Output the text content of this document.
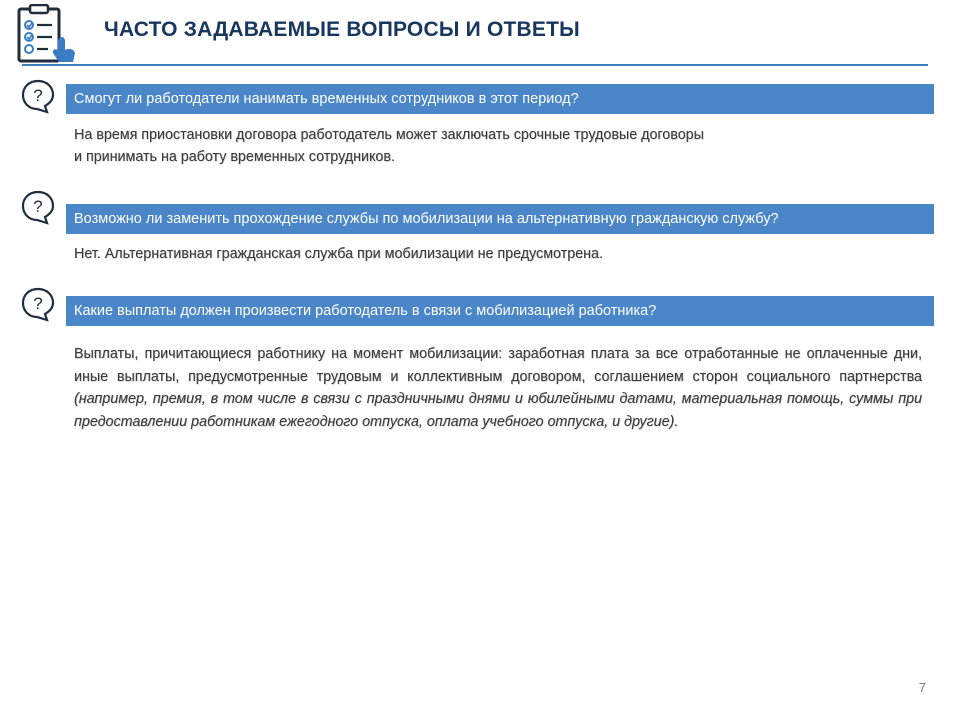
ЧАСТО ЗАДАВАЕМЫЕ ВОПРОСЫ И ОТВЕТЫ
?	Смогут ли работодатели нанимать временных сотрудников в этот период?

На время приостановки договора работодатель может заключать срочные трудовые договоры

и принимать на работу временных сотрудников.

?
Возможно ли заменить прохождение службы по мобилизации на альтернативную гражданскую службу?

Нет. Альтернативная гражданская служба при мобилизации не предусмотрена.

?	Какие выплаты должен произвести работодатель в связи с мобилизацией работника?

Выплаты, причитающиеся работнику на момент мобилизации: заработная плата за все отработанные не оплаченные дни, иные выплаты, предусмотренные трудовым и коллективным договором, соглашением сторон социального партнерства (например, премия, в том числе в связи с праздничными днями и юбилейными датами, материальная помощь, суммы при предоставлении работникам ежегодного отпуска, оплата учебного отпуска, и другие).

7
